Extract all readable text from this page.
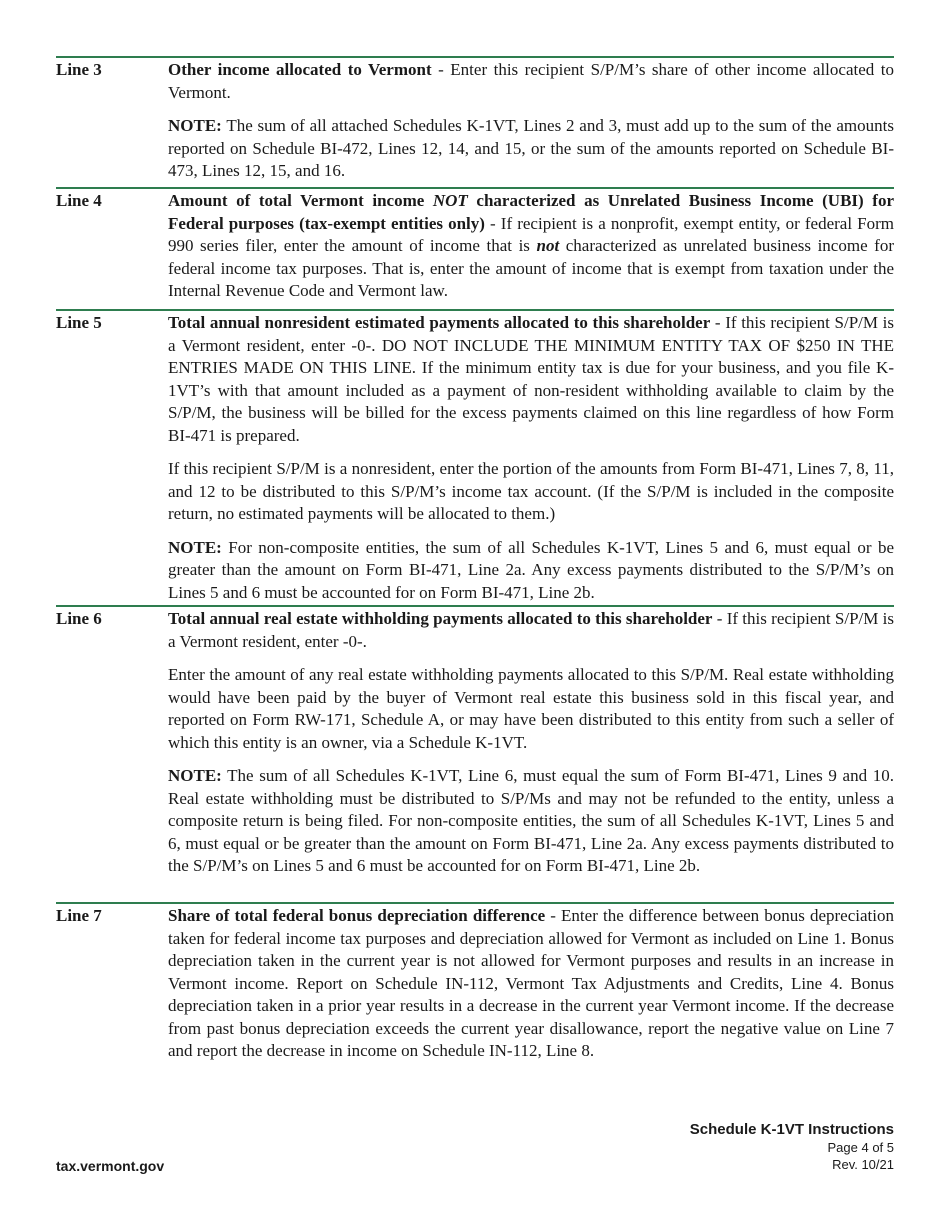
Line 3	Other income allocated to Vermont - Enter this recipient S/P/M’s share of other income allocated to Vermont.

NOTE: The sum of all attached Schedules K-1VT, Lines 2 and 3, must add up to the sum of the amounts reported on Schedule BI-472, Lines 12, 14, and 15, or the sum of the amounts reported on Schedule BI-473, Lines 12, 15, and 16.

Line 4	Amount of total Vermont income NOT characterized as Unrelated Business Income (UBI) for Federal purposes (tax-exempt entities only) - If recipient is a nonprofit, exempt entity, or federal Form 990 series filer, enter the amount of income that is not characterized as unrelated business income for federal income tax purposes. That is, enter the amount of income that is exempt from taxation under the Internal Revenue Code and Vermont law.

Line 5	Total annual nonresident estimated payments allocated to this shareholder - If this recipient S/P/M is a Vermont resident, enter -0-. DO NOT INCLUDE THE MINIMUM ENTITY TAX OF $250 IN THE ENTRIES MADE ON THIS LINE. If the minimum entity tax is due for your business, and you file K-1VT’s with that amount included as a payment of non-resident withholding available to claim by the S/P/M, the business will be billed for the excess payments claimed on this line regardless of how Form BI-471 is prepared.

If this recipient S/P/M is a nonresident, enter the portion of the amounts from Form BI-471, Lines 7, 8, 11, and 12 to be distributed to this S/P/M’s income tax account. (If the S/P/M is included in the composite return, no estimated payments will be allocated to them.)

NOTE: For non-composite entities, the sum of all Schedules K-1VT, Lines 5 and 6, must equal or be greater than the amount on Form BI-471, Line 2a. Any excess payments distributed to the S/P/M’s on Lines 5 and 6 must be accounted for on Form BI-471, Line 2b.

Line 6	Total annual real estate withholding payments allocated to this shareholder - If this recipient S/P/M is a Vermont resident, enter -0-.

Enter the amount of any real estate withholding payments allocated to this S/P/M. Real estate withholding would have been paid by the buyer of Vermont real estate this business sold in this fiscal year, and reported on Form RW-171, Schedule A, or may have been distributed to this entity from such a seller of which this entity is an owner, via a Schedule K-1VT.

NOTE: The sum of all Schedules K-1VT, Line 6, must equal the sum of Form BI-471, Lines 9 and 10. Real estate withholding must be distributed to S/P/Ms and may not be refunded to the entity, unless a composite return is being filed. For non-composite entities, the sum of all Schedules K-1VT, Lines 5 and 6, must equal or be greater than the amount on Form BI-471, Line 2a. Any excess payments distributed to the S/P/M’s on Lines 5 and 6 must be accounted for on Form BI-471, Line 2b.

Line 7	Share of total federal bonus depreciation difference - Enter the difference between bonus depreciation taken for federal income tax purposes and depreciation allowed for Vermont as included on Line 1. Bonus depreciation taken in the current year is not allowed for Vermont purposes and results in an increase in Vermont income. Report on Schedule IN-112, Vermont Tax Adjustments and Credits, Line 4. Bonus depreciation taken in a prior year results in a decrease in the current year Vermont income. If the decrease from past bonus depreciation exceeds the current year disallowance, report the negative value on Line 7 and report the decrease in income on Schedule IN-112, Line 8.

Schedule K-1VT Instructions
Page 4 of 5
Rev. 10/21
tax.vermont.gov
